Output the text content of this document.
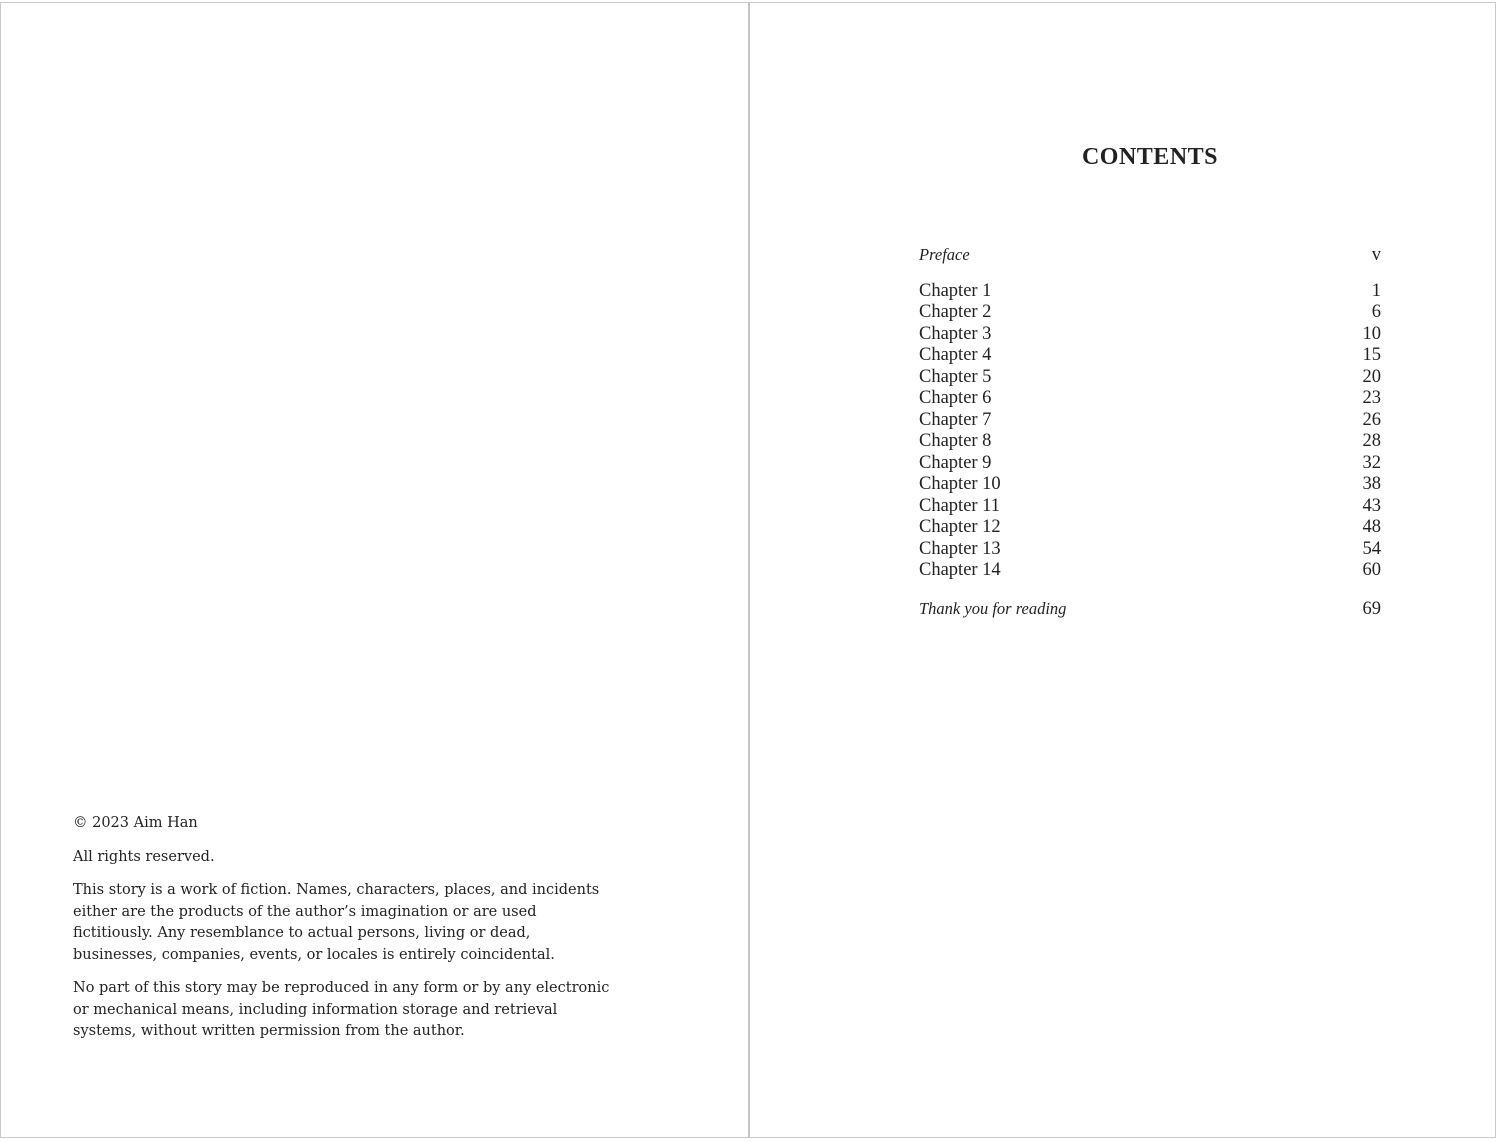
© 2023 Aim Han

All rights reserved.

This story is a work of fiction. Names, characters, places, and incidents either are the products of the author’s imagination or are used fictitiously. Any resemblance to actual persons, living or dead, businesses, companies, events, or locales is entirely coincidental.

No part of this story may be reproduced in any form or by any electronic or mechanical means, including information storage and retrieval systems, without written permission from the author.

CONTENTS
Preface	v
Chapter 1	1
Chapter 2	6
Chapter 3	10
Chapter 4	15
Chapter 5	20
Chapter 6	23
Chapter 7	26
Chapter 8	28
Chapter 9	32
Chapter 10	38
Chapter 11	43
Chapter 12	48
Chapter 13	54
Chapter 14	60
Thank you for reading	69
